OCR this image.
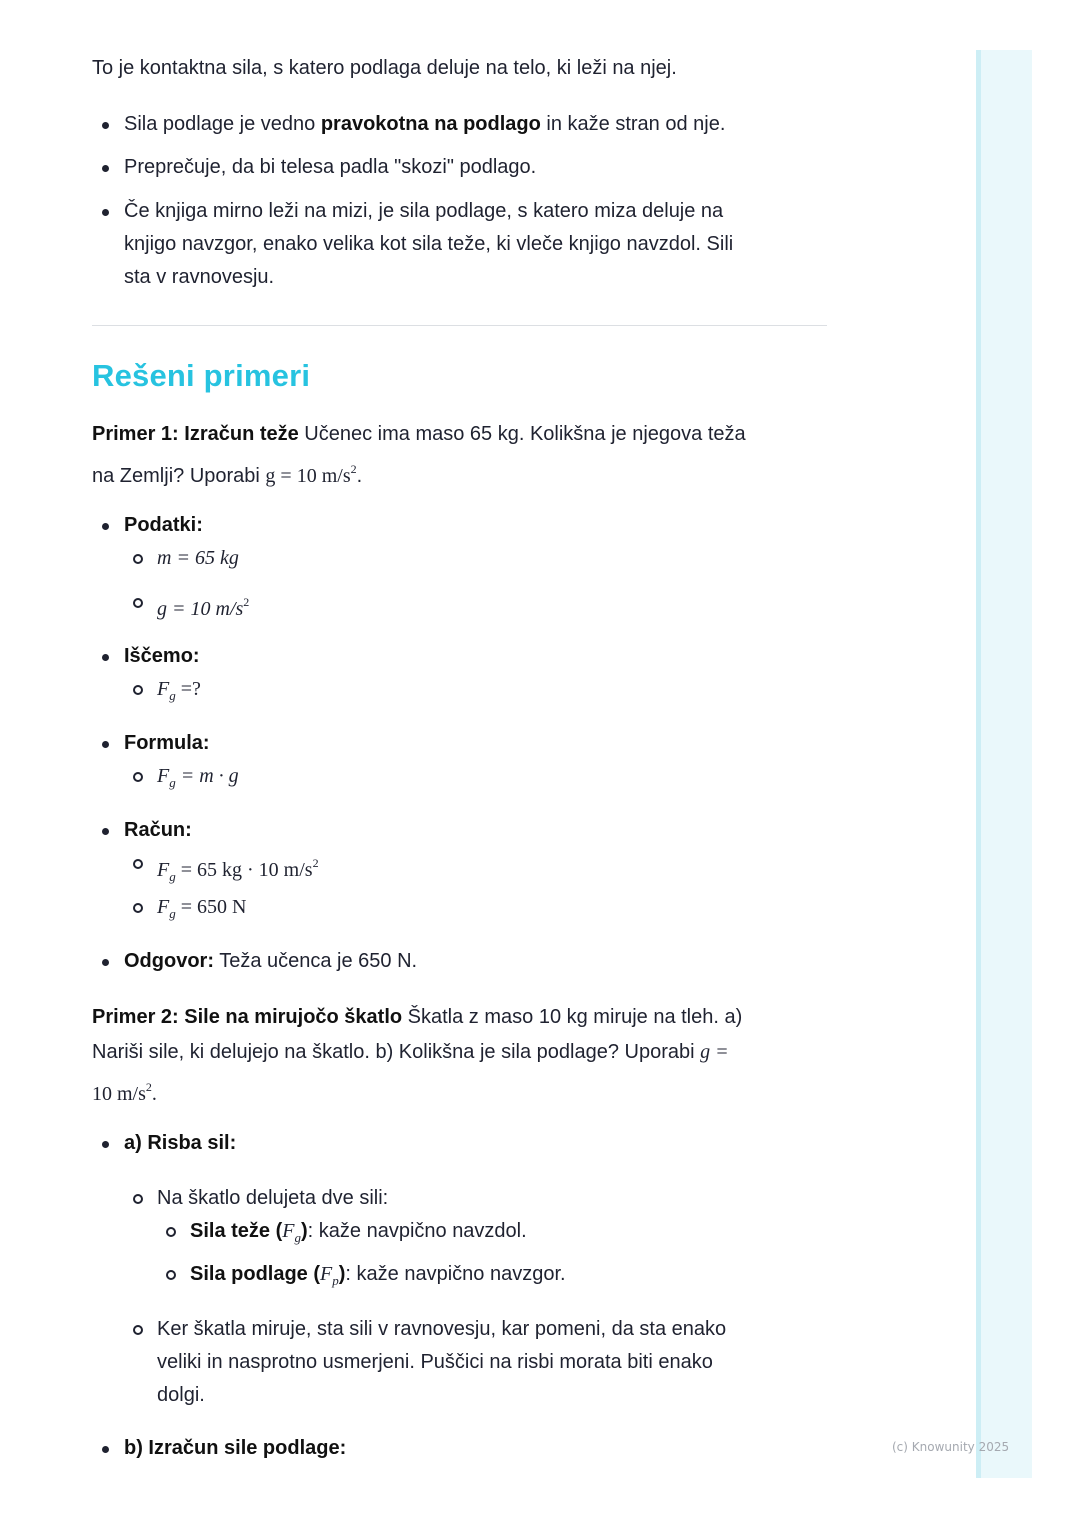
(c) Knowunity 2025
To je kontaktna sila, s katero podlaga deluje na telo, ki leži na njej.
Sila podlage je vedno pravokotna na podlago in kaže stran od nje.
Preprečuje, da bi telesa padla "skozi" podlago.
Če knjiga mirno leži na mizi, je sila podlage, s katero miza deluje na
knjigo navzgor, enako velika kot sila teže, ki vleče knjigo navzdol. Sili
sta v ravnovesju.
Rešeni primeri
Primer 1: Izračun teže Učenec ima maso 65 kg. Kolikšna je njegova teža
na Zemlji? Uporabi g = 10 $m/s^2$.
Podatki:
m = 65 kg
g = 10 $m/s^2$
Iščemo:
$F_g$ =?
Formula:
$F_g = m \cdot g$
Račun:
$F_g = 65$ kg · 10 $m/s^2$
$F_g = 650$ N
Odgovor: Teža učenca je 650 N.
Primer 2: Sile na mirujočo škatlo Škatla z maso 10 kg miruje na tleh. a)
Nariši sile, ki delujejo na škatlo. b) Kolikšna je sila podlage? Uporabi g =
10 $m/s^2$.
a) Risba sil:
Na škatlo delujeta dve sili:
Sila teže $(F_g)$: kaže navpično navzdol.
Sila podlage $(F_p)$: kaže navpično navzgor.
Ker škatla miruje, sta sili v ravnovesju, kar pomeni, da sta enako
veliki in nasprotno usmerjeni. Puščici na risbi morata biti enako
dolgi.
b) Izračun sile podlage:
